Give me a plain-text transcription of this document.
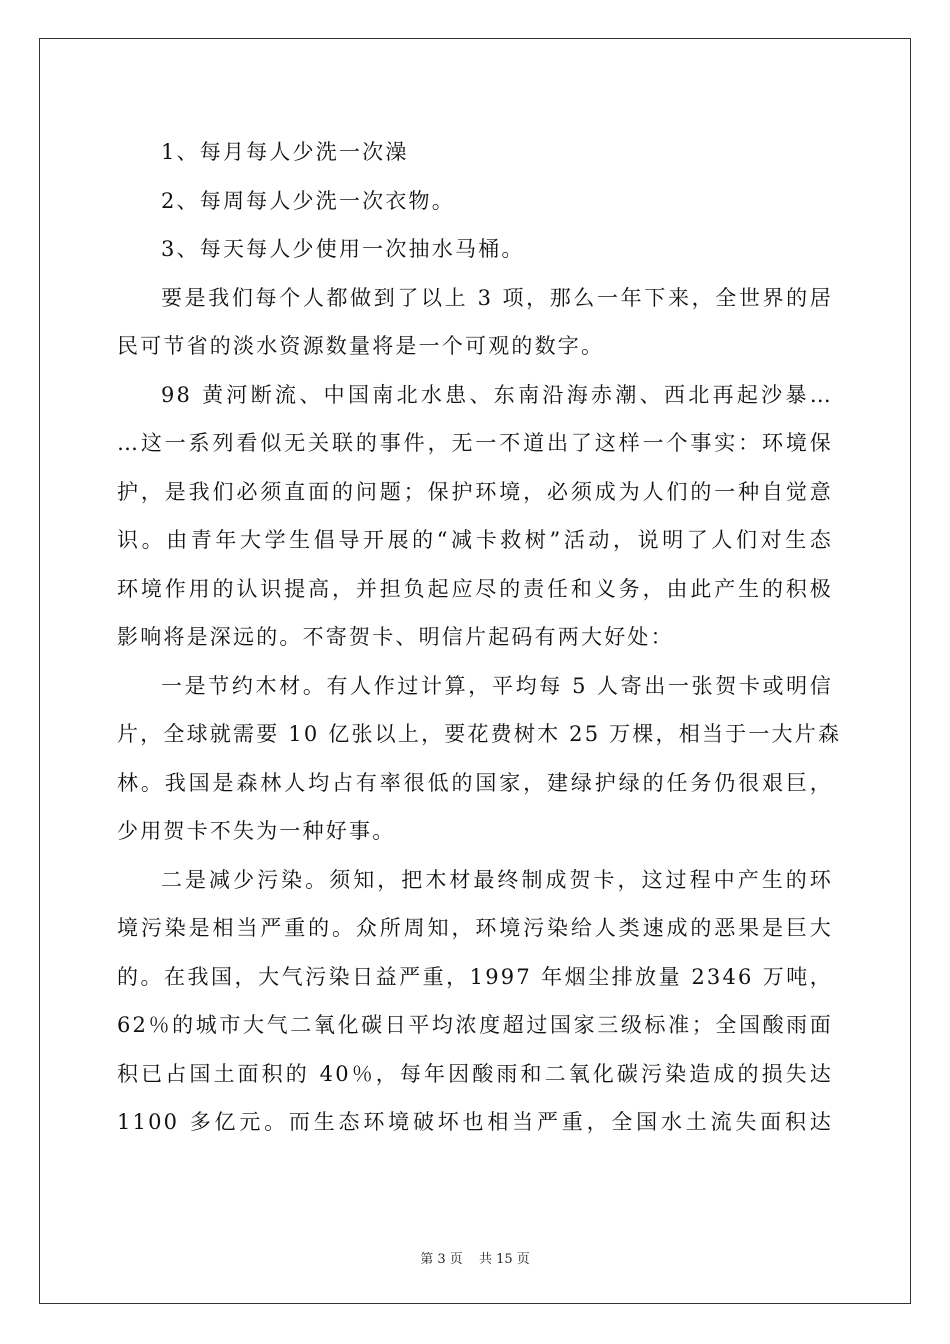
1、每月每人少洗一次澡
2、每周每人少洗一次衣物。
3、每天每人少使用一次抽水马桶。
要是我们每个人都做到了以上 3 项，那么一年下来，全世界的居
民可节省的淡水资源数量将是一个可观的数字。
98 黄河断流、中国南北水患、东南沿海赤潮、西北再起沙暴…
…这一系列看似无关联的事件，无一不道出了这样一个事实：环境保
护，是我们必须直面的问题；保护环境，必须成为人们的一种自觉意
识。由青年大学生倡导开展的“减卡救树”活动，说明了人们对生态
环境作用的认识提高，并担负起应尽的责任和义务，由此产生的积极
影响将是深远的。不寄贺卡、明信片起码有两大好处：
一是节约木材。有人作过计算，平均每 5 人寄出一张贺卡或明信
片，全球就需要 10 亿张以上，要花费树木 25 万棵，相当于一大片森
林。我国是森林人均占有率很低的国家，建绿护绿的任务仍很艰巨，
少用贺卡不失为一种好事。
二是减少污染。须知，把木材最终制成贺卡，这过程中产生的环
境污染是相当严重的。众所周知，环境污染给人类速成的恶果是巨大
的。在我国，大气污染日益严重，1997 年烟尘排放量 2346 万吨，
62％的城市大气二氧化碳日平均浓度超过国家三级标准；全国酸雨面
积已占国土面积的 40％，每年因酸雨和二氧化碳污染造成的损失达
1100 多亿元。而生态环境破坏也相当严重，全国水土流失面积达
第 3 页 共 15 页
